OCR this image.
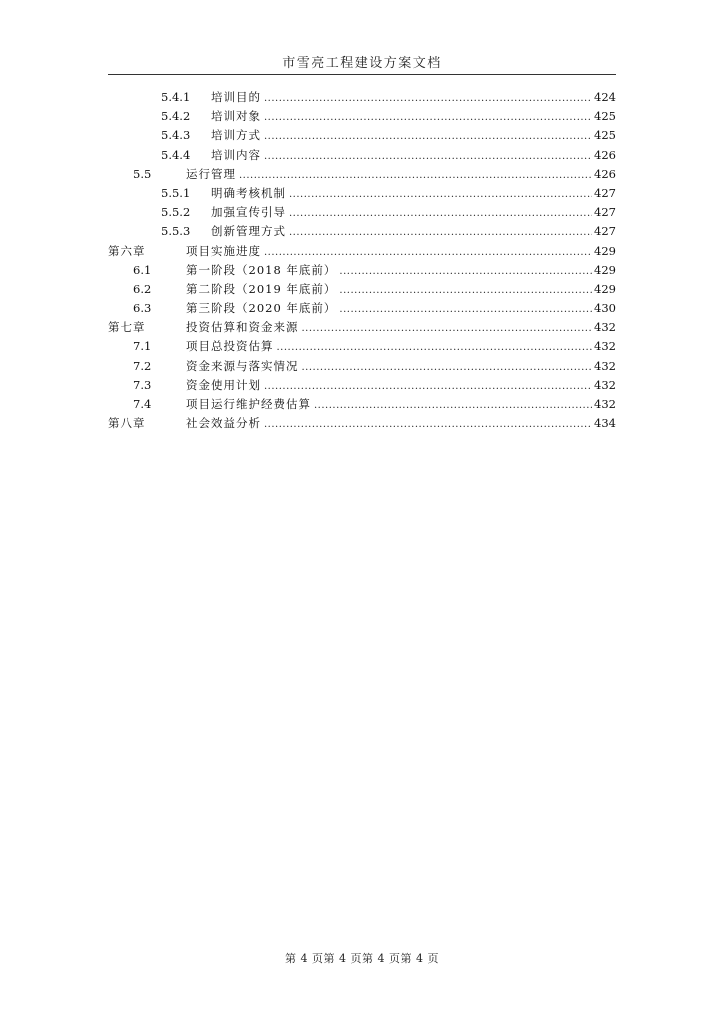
市雪亮工程建设方案文档
5.4.1 培训目的 .....	424
5.4.2 培训对象 .....	425
5.4.3 培训方式 .....	425
5.4.4 培训内容 .....	426
5.5	运行管理 .....	426
5.5.1 明确考核机制 .....	427
5.5.2 加强宣传引导 .....	427
5.5.3 创新管理方式 .....	427
第六章	项目实施进度 .....	429
6.1	第一阶段（2018 年底前） .....	429
6.2	第二阶段（2019 年底前） .....	429
6.3	第三阶段（2020 年底前） .....	430
第七章	投资估算和资金来源 .....	432
7.1	项目总投资估算 .....	432
7.2	资金来源与落实情况 .....	432
7.3	资金使用计划 .....	432
7.4	项目运行维护经费估算 .....	432
第八章	社会效益分析 .....	434
第 4 页第 4 页第 4 页第 4 页
